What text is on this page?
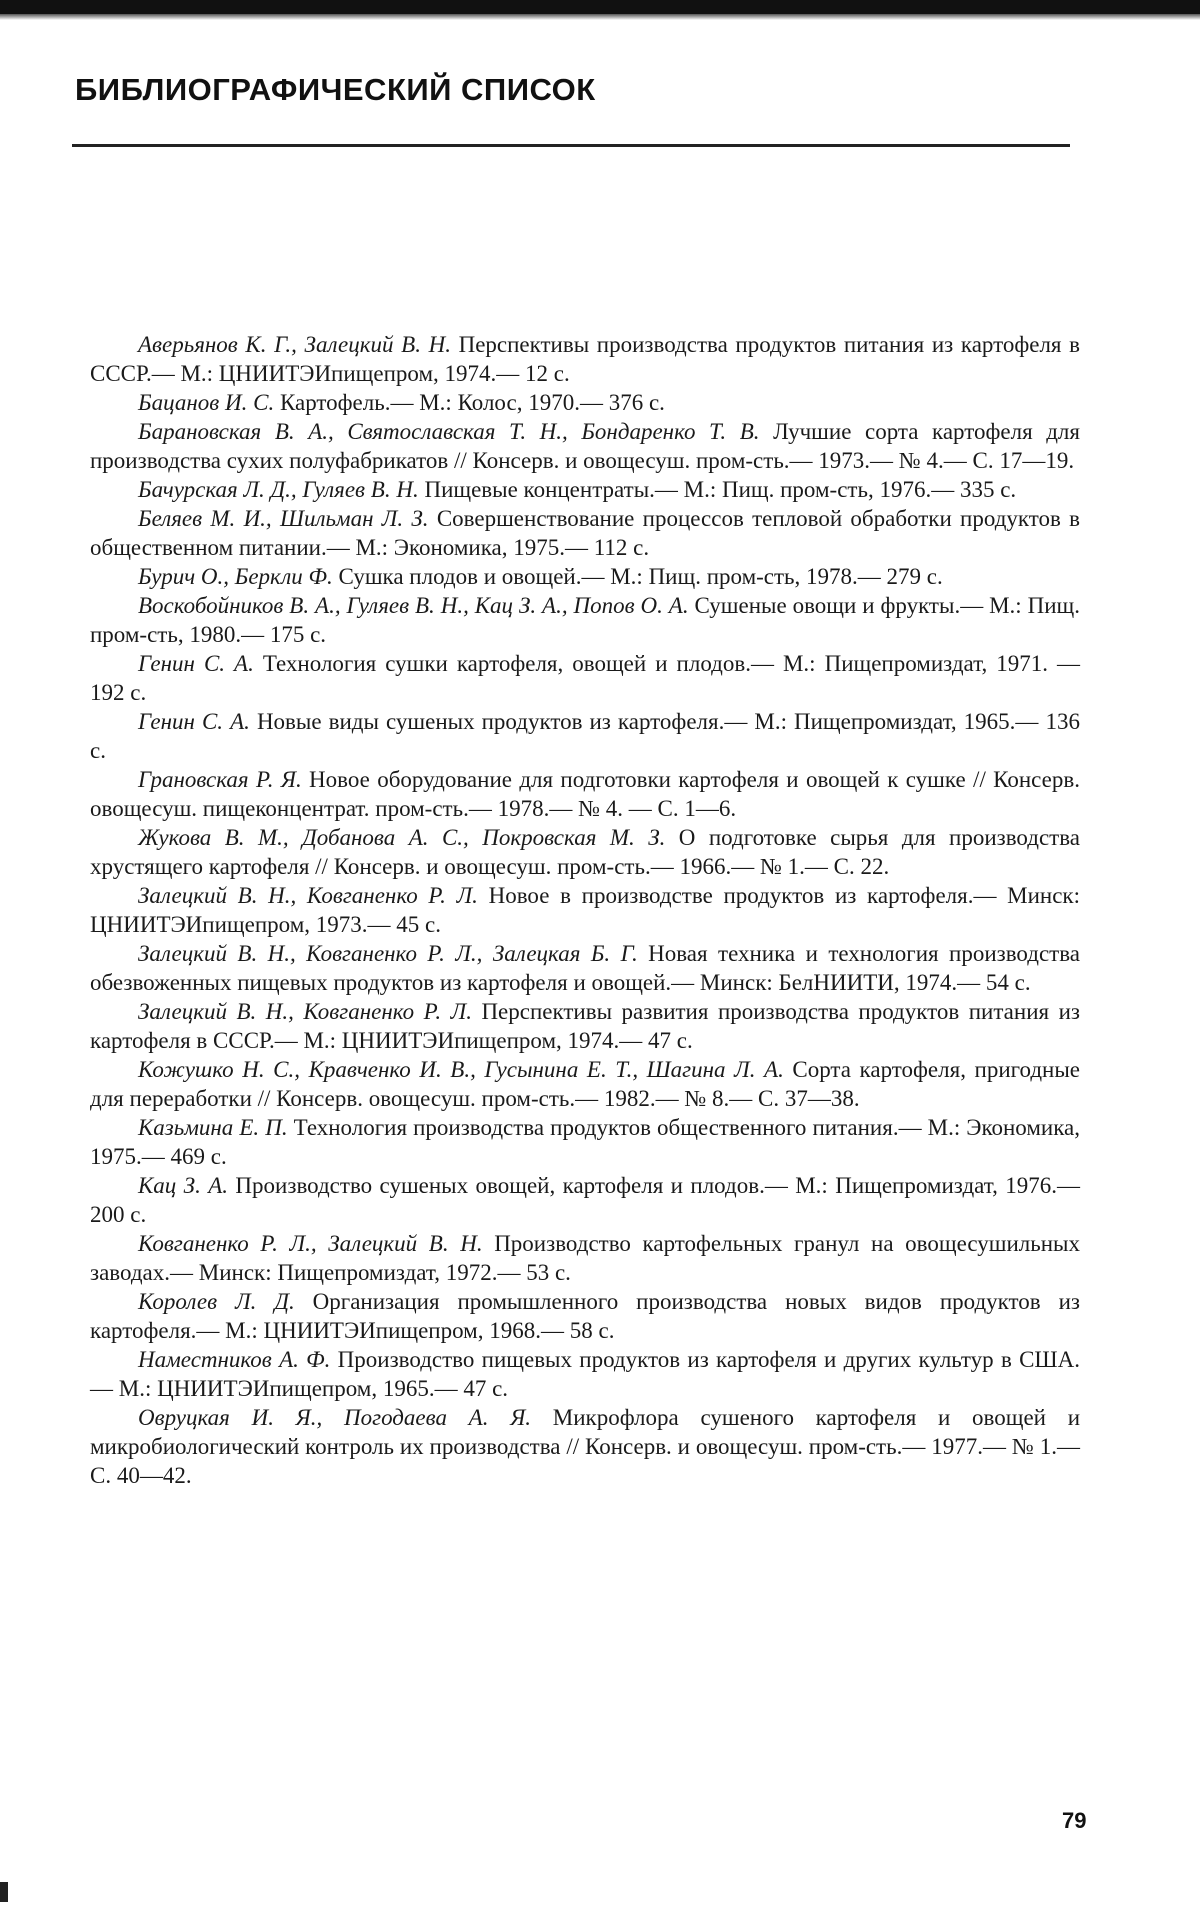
БИБЛИОГРАФИЧЕСКИЙ СПИСОК
Аверьянов К. Г., Залецкий В. Н. Перспективы производства продуктов питания из картофеля в СССР.— М.: ЦНИИТЭИпищепром, 1974.— 12 с.
Бацанов И. С. Картофель.— М.: Колос, 1970.— 376 с.
Барановская В. А., Святославская Т. Н., Бондаренко Т. В. Лучшие сорта картофеля для производства сухих полуфабрикатов // Консерв. и овощесуш. пром-сть.— 1973.— № 4.— С. 17—19.
Бачурская Л. Д., Гуляев В. Н. Пищевые концентраты.— М.: Пищ. пром-сть, 1976.— 335 с.
Беляев М. И., Шильман Л. З. Совершенствование процессов тепловой обработки продуктов в общественном питании.— М.: Экономика, 1975.— 112 с.
Бурич О., Беркли Ф. Сушка плодов и овощей.— М.: Пищ. пром-сть, 1978.— 279 с.
Воскобойников В. А., Гуляев В. Н., Кац З. А., Попов О. А. Сушеные овощи и фрукты.— М.: Пищ. пром-сть, 1980.— 175 с.
Генин С. А. Технология сушки картофеля, овощей и плодов.— М.: Пищепромиздат, 1971. — 192 с.
Генин С. А. Новые виды сушеных продуктов из картофеля.— М.: Пищепромиздат, 1965.— 136 с.
Грановская Р. Я. Новое оборудование для подготовки картофеля и овощей к сушке // Консерв. овощесуш. пищеконцентрат. пром-сть.— 1978.— № 4. — С. 1—6.
Жукова В. М., Добанова А. С., Покровская М. З. О подготовке сырья для производства хрустящего картофеля // Консерв. и овощесуш. пром-сть.— 1966.— № 1.— С. 22.
Залецкий В. Н., Ковганенко Р. Л. Новое в производстве продуктов из картофеля.— Минск: ЦНИИТЭИпищепром, 1973.— 45 с.
Залецкий В. Н., Ковганенко Р. Л., Залецкая Б. Г. Новая техника и технология производства обезвоженных пищевых продуктов из картофеля и овощей.— Минск: БелНИИТИ, 1974.— 54 с.
Залецкий В. Н., Ковганенко Р. Л. Перспективы развития производства продуктов питания из картофеля в СССР.— М.: ЦНИИТЭИпищепром, 1974.— 47 с.
Кожушко Н. С., Кравченко И. В., Гусынина Е. Т., Шагина Л. А. Сорта картофеля, пригодные для переработки // Консерв. овощесуш. пром-сть.— 1982.— № 8.— С. 37—38.
Казьмина Е. П. Технология производства продуктов общественного питания.— М.: Экономика, 1975.— 469 с.
Кац З. А. Производство сушеных овощей, картофеля и плодов.— М.: Пищепромиздат, 1976.— 200 с.
Ковганенко Р. Л., Залецкий В. Н. Производство картофельных гранул на овощесушильных заводах.— Минск: Пищепромиздат, 1972.— 53 с.
Королев Л. Д. Организация промышленного производства новых видов продуктов из картофеля.— М.: ЦНИИТЭИпищепром, 1968.— 58 с.
Наместников А. Ф. Производство пищевых продуктов из картофеля и других культур в США.— М.: ЦНИИТЭИпищепром, 1965.— 47 с.
Овруцкая И. Я., Погодаева А. Я. Микрофлора сушеного картофеля и овощей и микробиологический контроль их производства // Консерв. и овощесуш. пром-сть.— 1977.— № 1.— С. 40—42.
79
